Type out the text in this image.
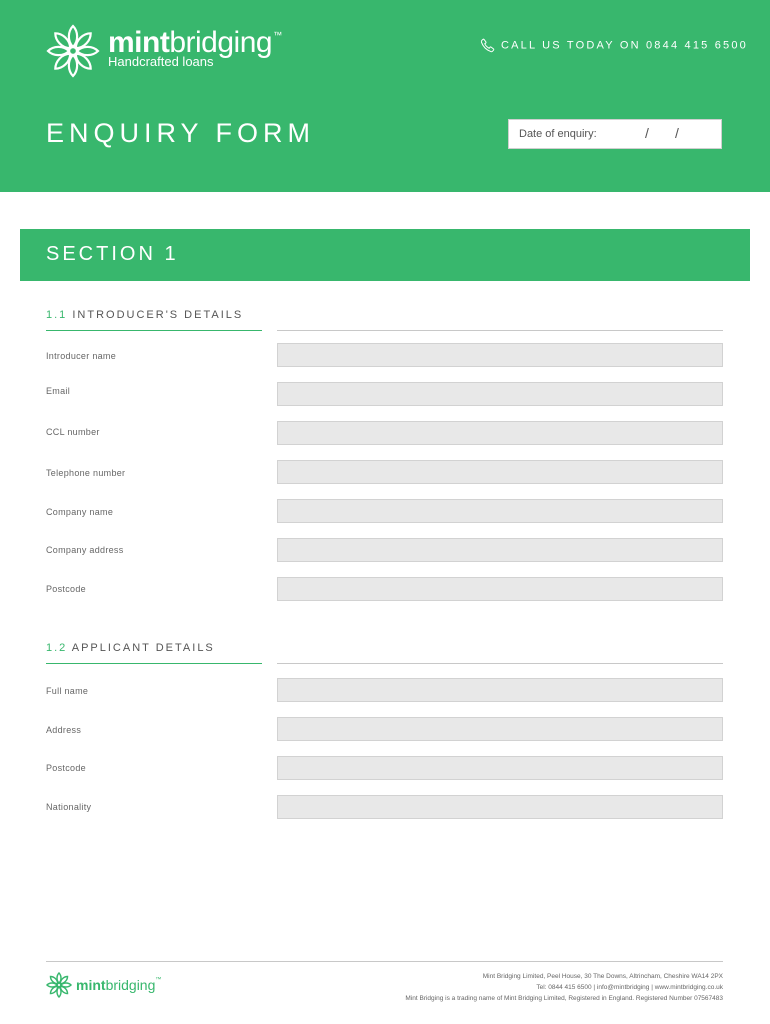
mintbridging™
Handcrafted loans
CALL US TODAY ON 0844 415 6500
ENQUIRY FORM	Date of enquiry:	/ /
SECTION 1
1.1 INTRODUCER'S DETAILS
Introducer name
Email
CCL number
Telephone number
Company name
Company address
Postcode
1.2 APPLICANT DETAILS
Full name
Address
Postcode
Nationality
mintbridging™	Mint Bridging Limited, Peel House, 30 The Downs, Altrincham, Cheshire WA14 2PX
Tel: 0844 415 6500 | info@mintbridging | www.mintbridging.co.uk
Mint Bridging is a trading name of Mint Bridging Limited, Registered in England. Registered Number 07567483
